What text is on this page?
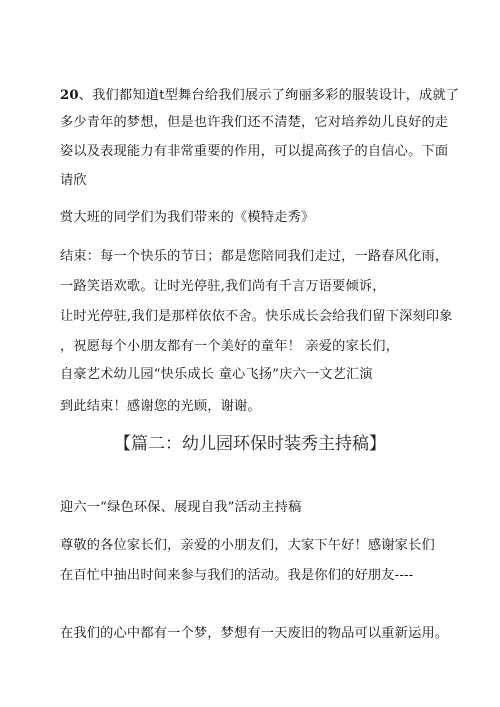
20、我们都知道t型舞台给我们展示了绚丽多彩的服装设计，成就了
多少青年的梦想，但是也许我们还不清楚，它对培养幼儿良好的走
姿以及表现能力有非常重要的作用，可以提高孩子的自信心。下面
请欣
赏大班的同学们为我们带来的《模特走秀》
结束：每一个快乐的节日；都是您陪同我们走过，一路春风化雨，
一路笑语欢歌。让时光停驻,我们尚有千言万语要倾诉，
让时光停驻,我们是那样依依不舍。快乐成长会给我们留下深刻印象
，祝愿每个小朋友都有一个美好的童年！ 亲爱的家长们，
自豪艺术幼儿园“快乐成长 童心飞扬”庆六一文艺汇演
到此结束！感谢您的光顾，谢谢。
【篇二：幼儿园环保时装秀主持稿】
迎六一“绿色环保、展现自我”活动主持稿
尊敬的各位家长们，亲爱的小朋友们，大家下午好！感谢家长们
在百忙中抽出时间来参与我们的活动。我是你们的好朋友----
在我们的心中都有一个梦，梦想有一天废旧的物品可以重新运用。
